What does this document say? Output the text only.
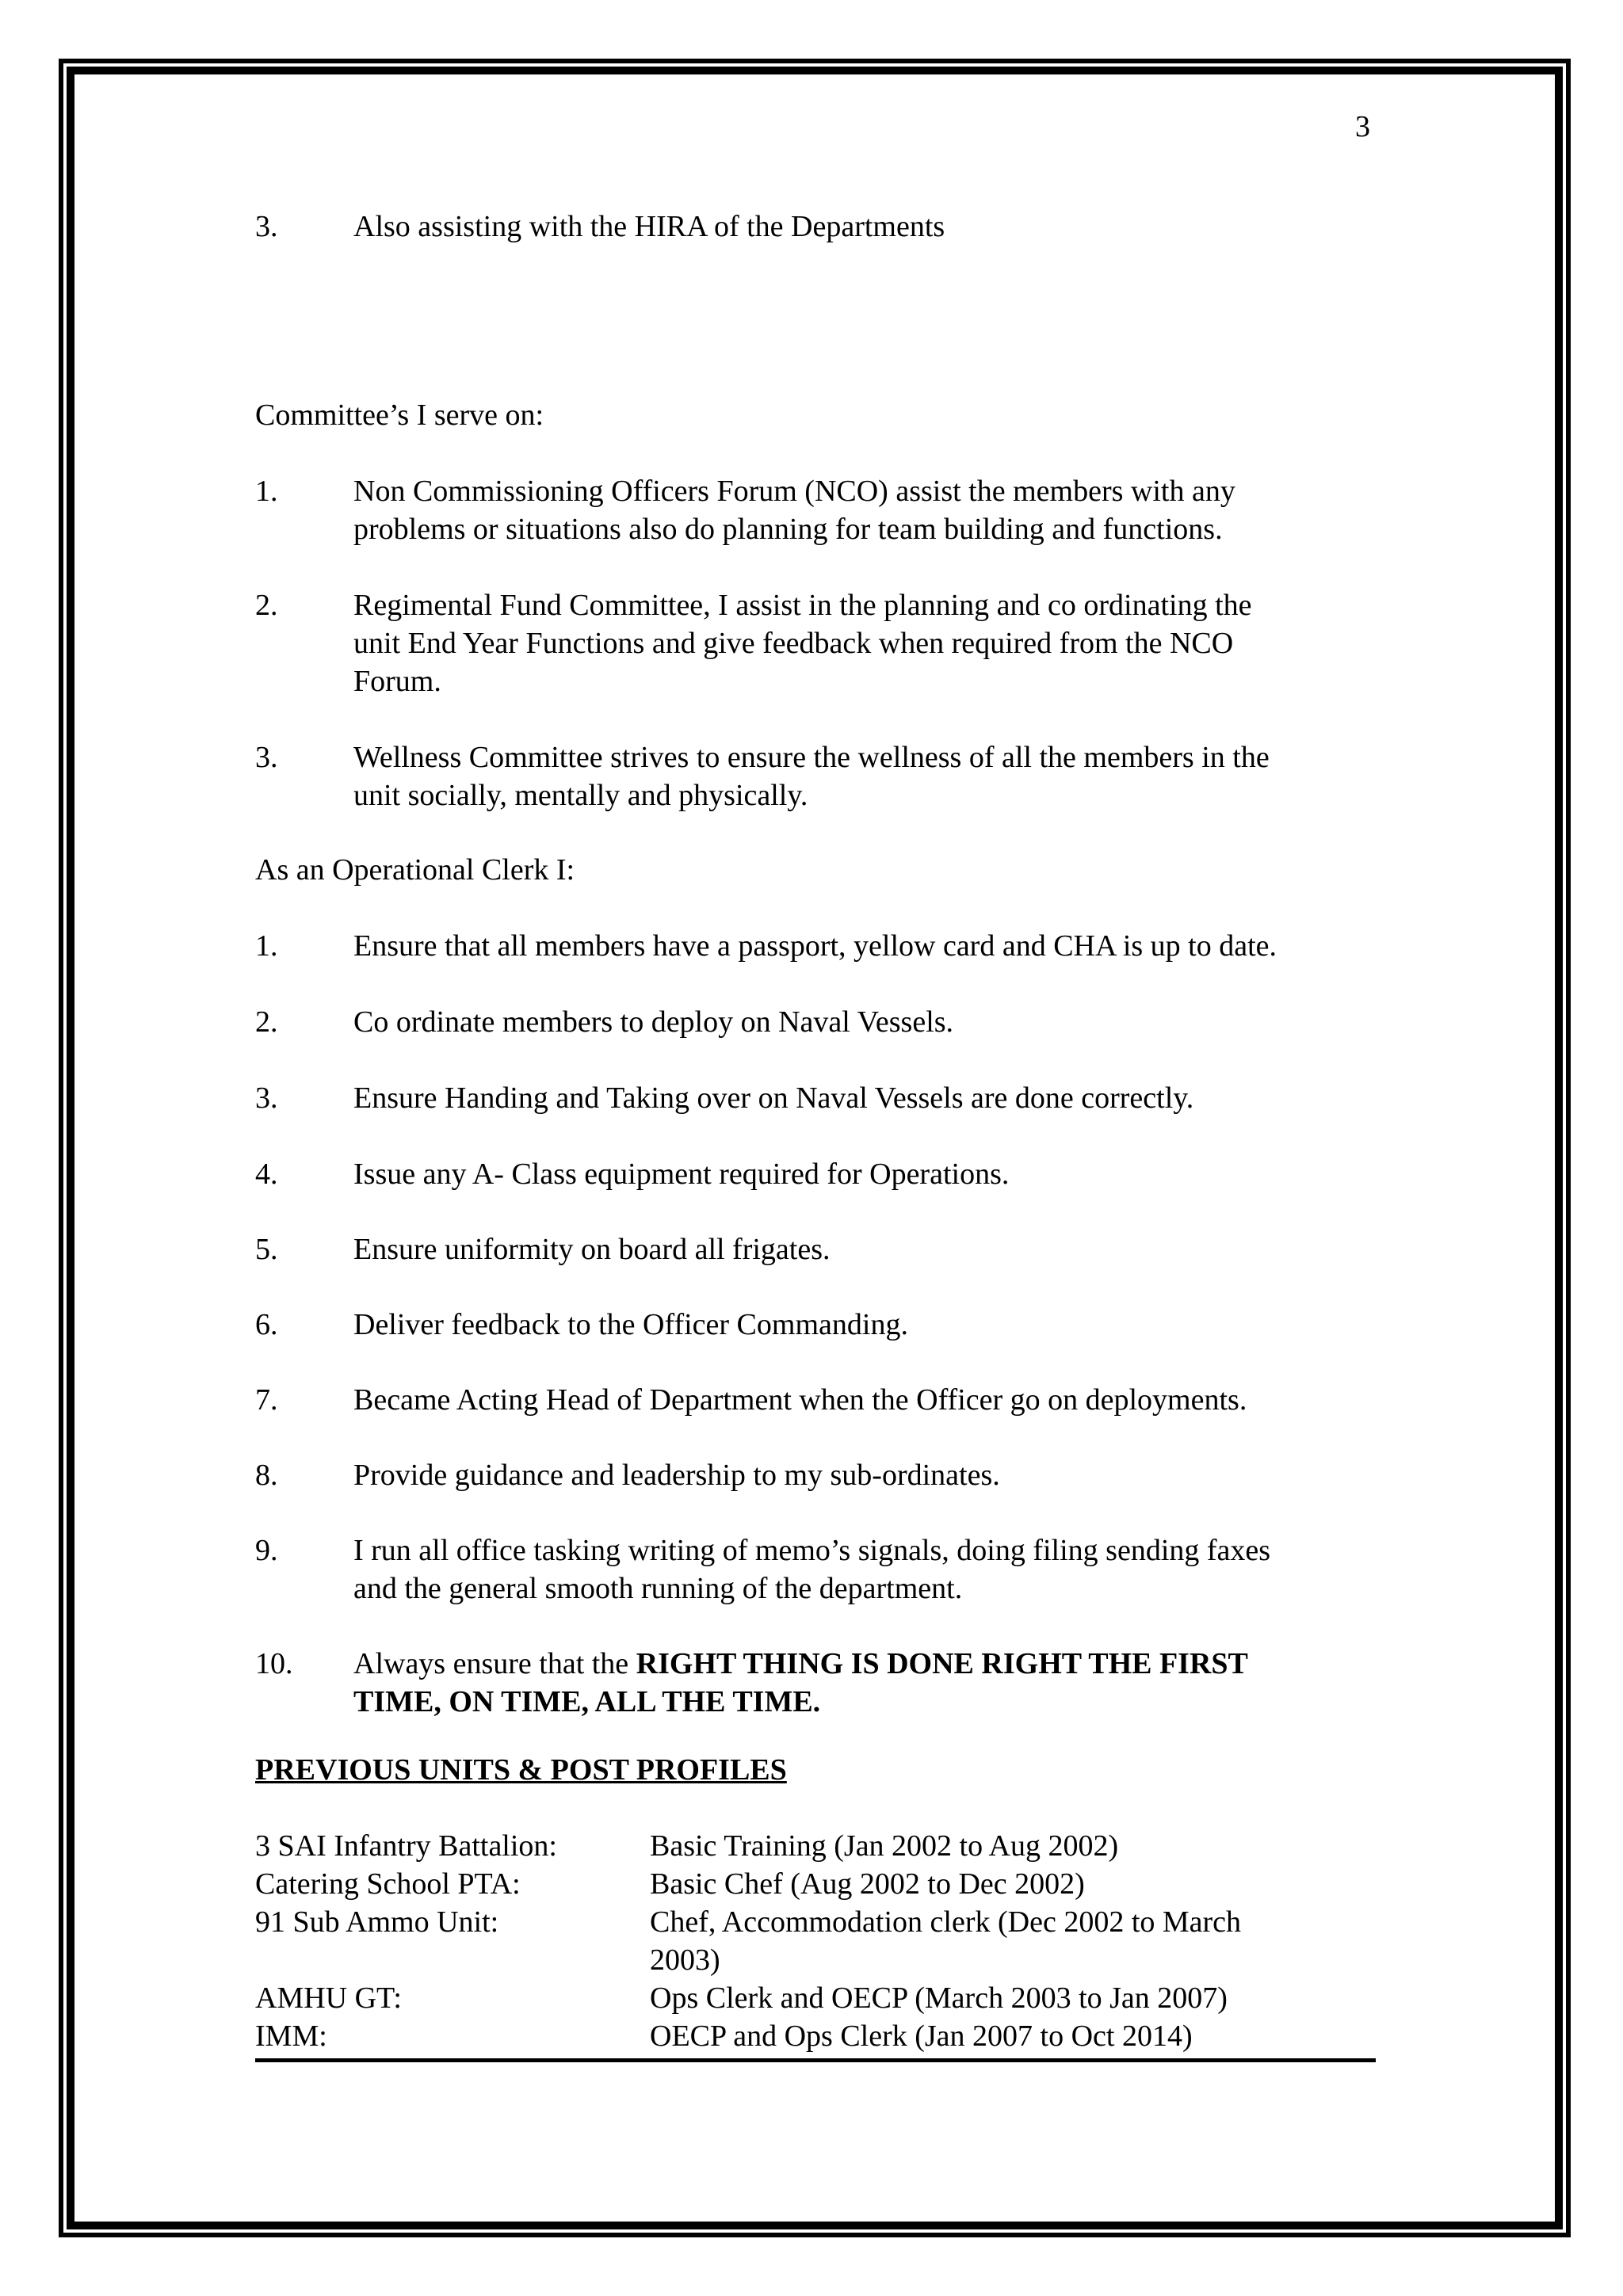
3
3.	Also assisting with the HIRA of the Departments
Committee’s I serve on:
1.	Non Commissioning Officers Forum (NCO) assist the members with any
problems or situations also do planning for team building and functions.
2.	Regimental Fund Committee, I assist in the planning and co ordinating the
unit End Year Functions and give feedback when required from the NCO
Forum.
3.	Wellness Committee strives to ensure the wellness of all the members in the
unit socially, mentally and physically.
As an Operational Clerk I:
1.	Ensure that all members have a passport, yellow card and CHA is up to date.
2.	Co ordinate members to deploy on Naval Vessels.
3.	Ensure Handing and Taking over on Naval Vessels are done correctly.
4.	Issue any A- Class equipment required for Operations.
5.	Ensure uniformity on board all frigates.
6.	Deliver feedback to the Officer Commanding.
7.	Became Acting Head of Department when the Officer go on deployments.
8.	Provide guidance and leadership to my sub-ordinates.
9.	I run all office tasking writing of memo’s signals, doing filing sending faxes
and the general smooth running of the department.
10. Always ensure that the RIGHT THING IS DONE RIGHT THE FIRST
TIME, ON TIME, ALL THE TIME.
PREVIOUS UNITS & POST PROFILES
3 SAI Infantry Battalion:	Basic Training (Jan 2002 to Aug 2002)
Catering School PTA:	Basic Chef (Aug 2002 to Dec 2002)
91 Sub Ammo Unit:	Chef, Accommodation clerk (Dec 2002 to March 2003)
AMHU GT:	Ops Clerk and OECP (March 2003 to Jan 2007)
IMM:	OECP and Ops Clerk (Jan 2007 to Oct 2014)
